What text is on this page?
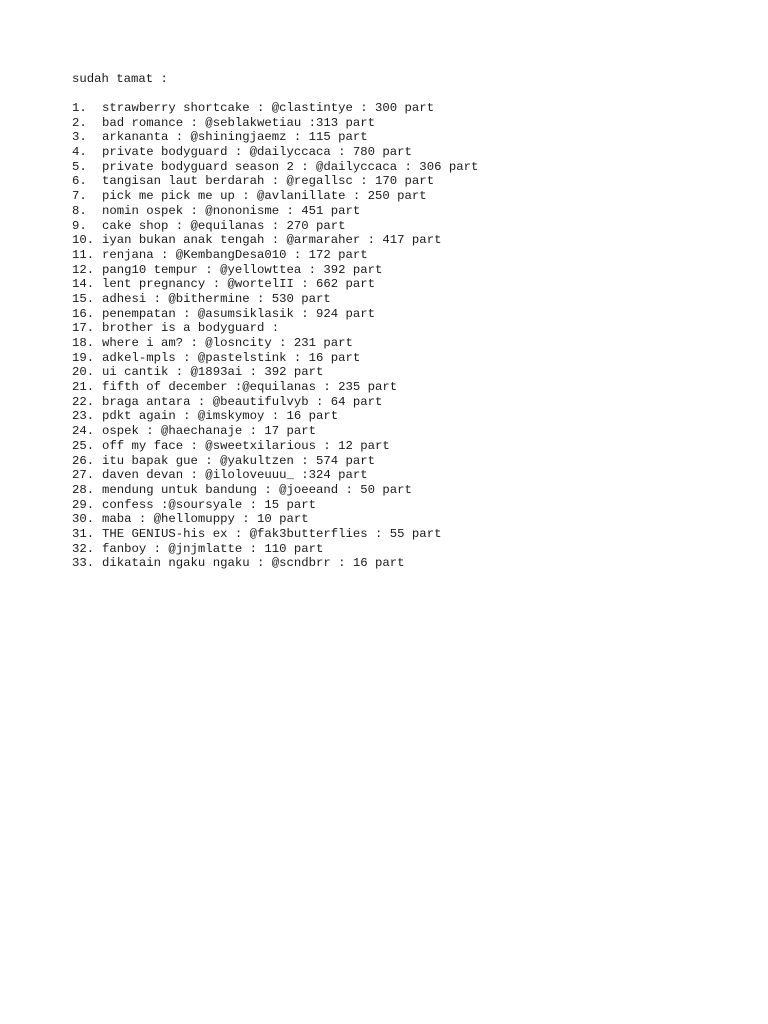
sudah tamat :
1.	strawberry shortcake : @clastintye : 300 part
2.	bad romance : @seblakwetiau :313 part
3.	arkananta : @shiningjaemz : 115 part
4.	private bodyguard : @dailyccaca : 780 part
5.	private bodyguard season 2 : @dailyccaca : 306 part
6.	tangisan laut berdarah : @regallsc : 170 part
7.	pick me pick me up : @avlanillate : 250 part
8.	nomin ospek : @nononisme : 451 part
9.	cake shop : @equilanas : 270 part
10. iyan bukan anak tengah : @armaraher : 417 part
11. renjana : @KembangDesa010 : 172 part
12. pang10 tempur : @yellowttea : 392 part
14. lent pregnancy : @wortelII : 662 part
15. adhesi : @bithermine : 530 part
16. penempatan : @asumsiklasik : 924 part
17. brother is a bodyguard :
18. where i am? : @losncity : 231 part
19. adkel-mpls : @pastelstink : 16 part
20. ui cantik : @1893ai : 392 part
21. fifth of december :@equilanas : 235 part
22. braga antara : @beautifulvyb : 64 part
23. pdkt again : @imskymoy : 16 part
24. ospek : @haechanaje : 17 part
25. off my face : @sweetxilarious : 12 part
26. itu bapak gue : @yakultzen : 574 part
27. daven devan : @iloloveuuu_ :324 part
28. mendung untuk bandung : @joeeand : 50 part
29. confess :@soursyale : 15 part
30. maba : @hellomuppy : 10 part
31. THE GENIUS-his ex : @fak3butterflies : 55 part
32. fanboy : @jnjmlatte : 110 part
33. dikatain ngaku ngaku : @scndbrr : 16 part
